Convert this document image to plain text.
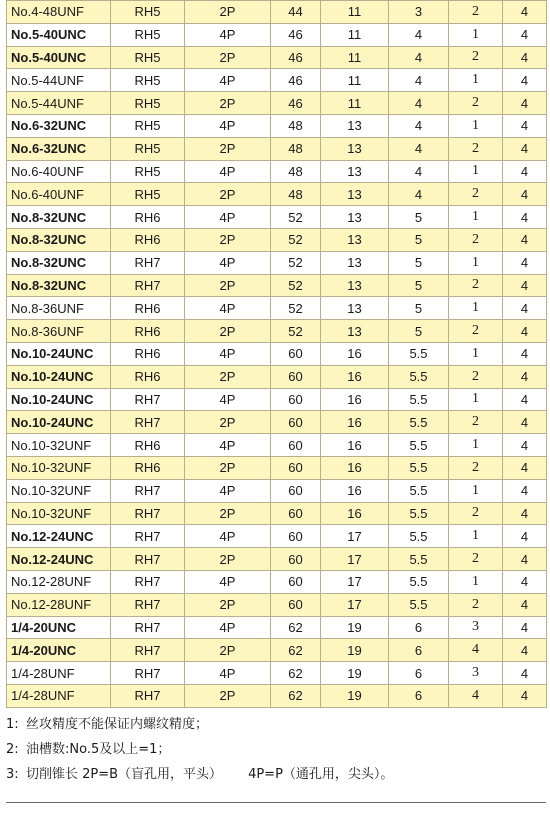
No.4-48UNF	RH5	2P	44	11	3	2	4
No.5-40UNC	RH5	4P	46	11	4	1	4
No.5-40UNC	RH5	2P	46	11	4	2	4
No.5-44UNF	RH5	4P	46	11	4	1	4
No.5-44UNF	RH5	2P	46	11	4	2	4
No.6-32UNC	RH5	4P	48	13	4	1	4
No.6-32UNC	RH5	2P	48	13	4	2	4
No.6-40UNF	RH5	4P	48	13	4	1	4
No.6-40UNF	RH5	2P	48	13	4	2	4
No.8-32UNC	RH6	4P	52	13	5	1	4
No.8-32UNC	RH6	2P	52	13	5	2	4
No.8-32UNC	RH7	4P	52	13	5	1	4
No.8-32UNC	RH7	2P	52	13	5	2	4
No.8-36UNF	RH6	4P	52	13	5	1	4
No.8-36UNF	RH6	2P	52	13	5	2	4
No.10-24UNC	RH6	4P	60	16	5.5	1	4
No.10-24UNC	RH6	2P	60	16	5.5	2	4
No.10-24UNC	RH7	4P	60	16	5.5	1	4
No.10-24UNC	RH7	2P	60	16	5.5	2	4
No.10-32UNF	RH6	4P	60	16	5.5	1	4
No.10-32UNF	RH6	2P	60	16	5.5	2	4
No.10-32UNF	RH7	4P	60	16	5.5	1	4
No.10-32UNF	RH7	2P	60	16	5.5	2	4
No.12-24UNC	RH7	4P	60	17	5.5	1	4
No.12-24UNC	RH7	2P	60	17	5.5	2	4
No.12-28UNF	RH7	4P	60	17	5.5	1	4
No.12-28UNF	RH7	2P	60	17	5.5	2	4
1/4-20UNC	RH7	4P	62	19	6	3	4
1/4-20UNC	RH7	2P	62	19	6	4	4
1/4-28UNF	RH7	4P	62	19	6	3	4
1/4-28UNF	RH7	2P	62	19	6	4	4
1: 丝攻精度不能保证内螺纹精度；
2: 油槽数:No.5及以上=1；
3: 切削锥长 2P=B（盲孔用，平头） 4P=P（通孔用，尖头）。
